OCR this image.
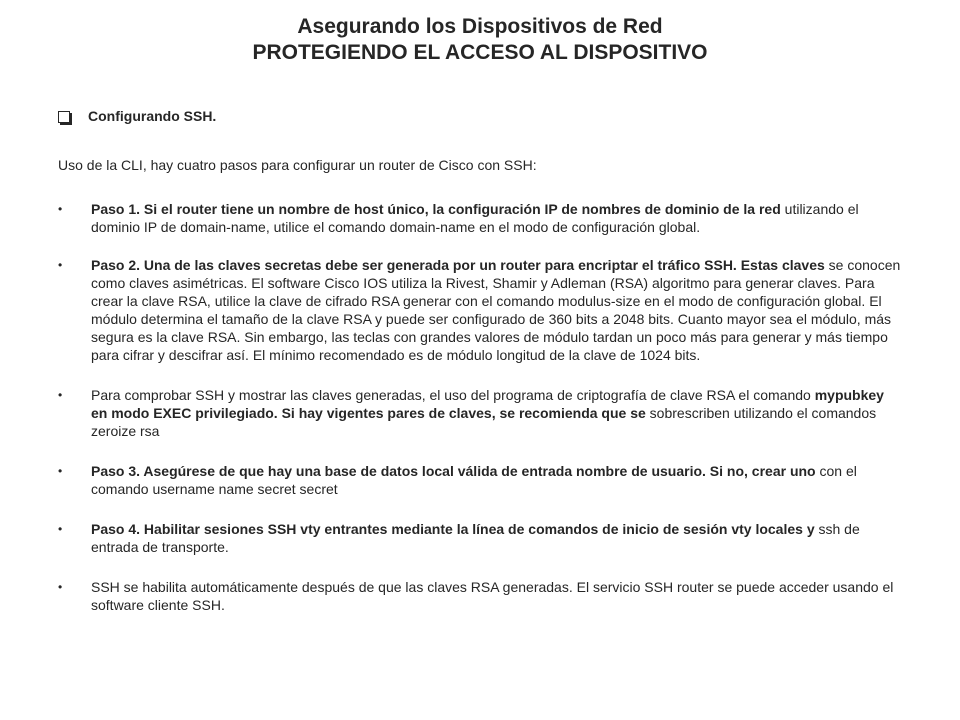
Asegurando los Dispositivos de Red
PROTEGIENDO EL ACCESO AL DISPOSITIVO
Configurando SSH.
Uso de la CLI, hay cuatro pasos para configurar un router de Cisco con SSH:
• Paso 1. Si el router tiene un nombre de host único, la configuración IP de nombres de dominio de la red utilizando el dominio IP de domain-name, utilice el comando domain-name en el modo de configuración global.
• Paso 2. Una de las claves secretas debe ser generada por un router para encriptar el tráfico SSH. Estas claves se conocen como claves asimétricas. El software Cisco IOS utiliza la Rivest, Shamir y Adleman (RSA) algoritmo para generar claves. Para crear la clave RSA, utilice la clave de cifrado RSA generar con el comando modulus-size en el modo de configuración global. El módulo determina el tamaño de la clave RSA y puede ser configurado de 360 bits a 2048 bits. Cuanto mayor sea el módulo, más segura es la clave RSA. Sin embargo, las teclas con grandes valores de módulo tardan un poco más para generar y más tiempo para cifrar y descifrar así. El mínimo recomendado es de módulo longitud de la clave de 1024 bits.
• Para comprobar SSH y mostrar las claves generadas, el uso del programa de criptografía de clave RSA el comando mypubkey en modo EXEC privilegiado. Si hay vigentes pares de claves, se recomienda que se sobrescriben utilizando el comandos zeroize rsa
• Paso 3. Asegúrese de que hay una base de datos local válida de entrada nombre de usuario. Si no, crear uno con el comando username name secret secret
• Paso 4. Habilitar sesiones SSH vty entrantes mediante la línea de comandos de inicio de sesión vty locales y ssh de entrada de transporte.
• SSH se habilita automáticamente después de que las claves RSA generadas. El servicio SSH router se puede acceder usando el software cliente SSH.
